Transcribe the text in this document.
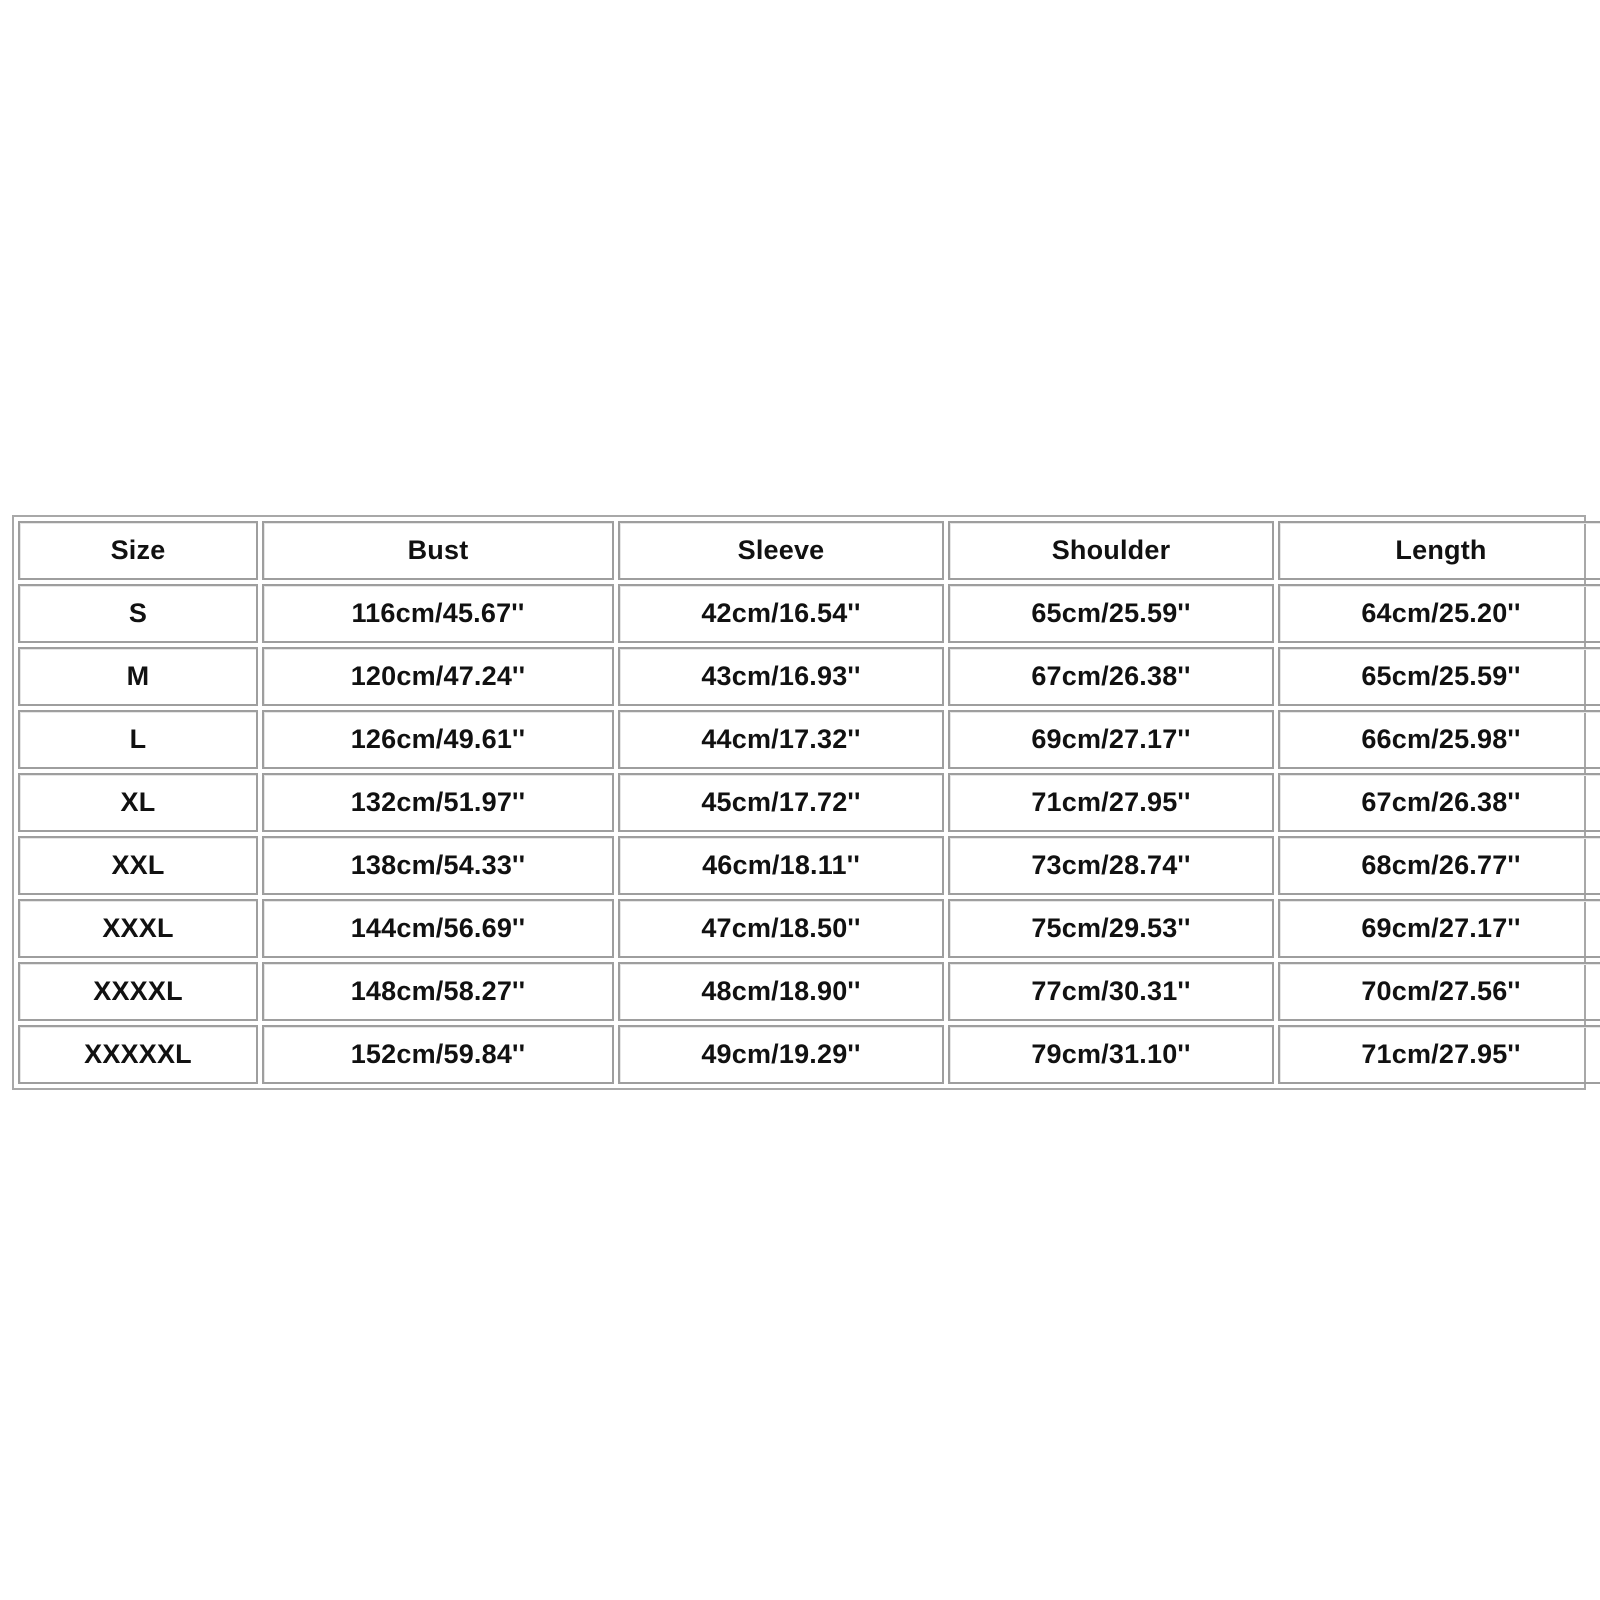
Size	Bust	Sleeve	Shoulder	Length
S	116cm/45.67''	42cm/16.54''	65cm/25.59''	64cm/25.20''
M	120cm/47.24''	43cm/16.93''	67cm/26.38''	65cm/25.59''
L	126cm/49.61''	44cm/17.32''	69cm/27.17''	66cm/25.98''
XL	132cm/51.97''	45cm/17.72''	71cm/27.95''	67cm/26.38''
XXL	138cm/54.33''	46cm/18.11''	73cm/28.74''	68cm/26.77''
XXXL	144cm/56.69''	47cm/18.50''	75cm/29.53''	69cm/27.17''
XXXXL	148cm/58.27''	48cm/18.90''	77cm/30.31''	70cm/27.56''
XXXXXL	152cm/59.84''	49cm/19.29''	79cm/31.10''	71cm/27.95''
